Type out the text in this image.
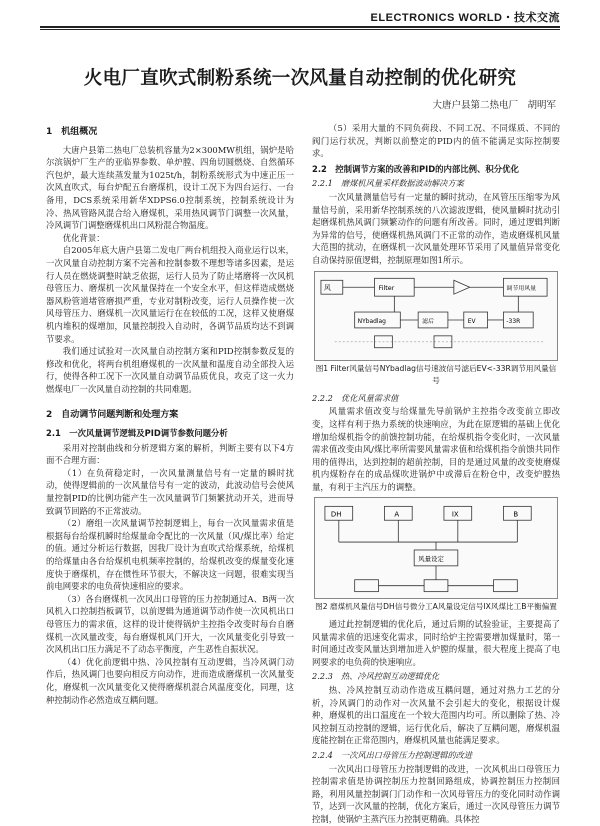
ELECTRONICS WORLD・技术交流
火电厂直吹式制粉系统一次风量自动控制的优化研究
大唐户县第二热电厂　胡明军
1　机组概况

大唐户县第二热电厂总装机容量为2×300MW机组，锅炉是哈尔滨锅炉厂生产的亚临界参数、单炉膛、四角切圆燃烧、自然循环汽包炉，最大连续蒸发量为1025t/h，制粉系统形式为中速正压一次风直吹式，每台炉配五台磨煤机，设计工况下为四台运行、一台备用，DCS系统采用新华XDPS6.0控制系统，控制系统设计为冷、热风管路风混合给入磨煤机，采用热风调节门调整一次风量，冷风调节门调整磨煤机出口风粉混合物温度。

优化背景：

自2005年底大唐户县第二发电厂两台机组投入商业运行以来，一次风量自动控制方案不完善和控制参数不理想等诸多因素，是运行人员在燃烧调整时缺乏依据，运行人员为了防止堵磨将一次风机母管压力、磨煤机一次风量保持在一个安全水平，但这样造成燃烧器风粉管道堵管磨损严重，专业对制粉改变，运行人员操作使一次风母管压力、磨煤机一次风量运行在在较低的工况，这样又使磨煤机内堆积的煤增加，风量控制投入自动时，各调节品质均达不到调节要求。

我们通过试验对一次风量自动控制方案和PID控制参数反复的修改和优化，将两台机组磨煤机的一次风量和温度自动全部投入运行，使得各种工况下一次风量自动调节品质优良，攻克了这一火力燃煤电厂一次风量自动控制的共同难题。

2　自动调节问题判断和处理方案
2.1　一次风量调节逻辑及PID调节参数问题分析

采用对控制曲线和分析逻辑方案的解析，判断主要有以下4方面不合理方面：

（1）在负荷稳定时，一次风量测量信号有一定量的瞬时扰动，使得逻辑前的一次风量信号有一定的波动，此波动信号会使风量控制PID的比例功能产生一次风量调节门频繁扰动开关，进而导致调节回路的不正常波动。

（2）磨组一次风量调节控制逻辑上，每台一次风量需求值是根据每台给煤机瞬时给煤量命令配比的一次风量（风/煤比率）给定的值。通过分析运行数据，因我厂设计为直吹式给煤系统，给煤机的给煤量由各台给煤机电机频率控制的，给煤机改变的煤量变化速度快于磨煤机，存在惯性环节很大，不解决这一问题，很难实现当前电网要求的电负荷快速相应的要求。

（3）各台磨煤机一次风出口母管的压力控制通过A、B两一次风机入口控制挡板调节，以前逻辑为通道调节动作使一次风机出口母管压力的需求值，这样的设计使得锅炉主控指令改变时每台自磨煤机一次风量改变，每台磨煤机风门开大，一次风量变化引导致一次风机出口压力满足不了动态平衡度，产生恶性自振状况。

（4）优化前逻辑中热、冷风控制有互动逻辑，当冷风调门动作后，热风调门也要向相反方向动作，进而造成磨煤机一次风量变化，磨煤机一次风量变化又使得磨煤机混合风温度变化，同理，这种控制动作必然造成互耦问题。

（5）采用大量的不同负荷段、不同工况、不同煤质、不同的阀门运行状况，判断以前整定的PID内的值不能满足实际控制要求。

2.2　控制调节方案的改善和PID的内部比例、积分优化
2.2.1　磨煤机风量采样数据波动解决方案

一次风量测量信号有一定量的瞬时扰动，在风管压压缩零为风量信号前，采用新华控制系统的八次滤波逻辑，使风量瞬时扰动引起磨煤机热风调门频繁动作的问题有所改善。同时，通过逻辑判断为异常的信号，使磨煤机热风调门不正常的动作，造成磨煤机风量大范围的扰动，在磨煤机一次风量处理环节采用了风量值异常变化自动保持原值逻辑，控制原理如图1所示。

风	Filter	调节用风量
NYbadlag	滤后	EV	-33R
图1 Filter风量信号NYbadlag信号速波信号滤后EV<-33R调节用风量信号
2.2.2　优化风量需求值

风量需求值改变与给煤量先导前锅炉主控指令改变前立即改变，这样有利于热力系统的快速响应，为此在原逻辑的基础上优化增加给煤机指令的前馈控制功能，在给煤机指令变化时，一次风量需求值改变由风/煤比率所需要风量需求值和给煤机指令前馈共同作用的值得出，达到控制的超前控制，目的是通过风量的改变使磨煤机内煤粉存在的成品煤吹进锅炉中或滞后在粉仓中，改变炉膛热量，有利于主汽压力的调整。

DH	A	IX	B
风量设定
图2 磨煤机风量信号DH信号微分工A风量设定信号IX风煤比工B平衡偏置

通过此控制逻辑的优化后，通过后期的试验验证，主要提高了风量需求值的迅速变化需求，同时给炉主控需要增加煤量时，第一时间通过改变风量达到增加进入炉膛的煤量，很大程度上提高了电网要求的电负荷的快速响应。

2.2.3　热、冷风控制互动逻辑优化

热、冷风控制互动动作造成互耦问题，通过对热力工艺的分析，冷风调门的动作对一次风量不会引起大的变化，根据设计煤种，磨煤机的出口温度在一个较大范围内均可。所以删除了热、冷风控制互动控制的逻辑，运行优化后，解决了互耦问题，磨煤机温度能控制在正常范围内，磨煤机风量也能满足要求。

2.2.4　一次风出口母管压力控制逻辑的改进

一次风出口母管压力控制逻辑的改进，一次风机出口母管压力控制需求值是协调控制压力控制回路组成，协调控制压力控制回路，利用风量控制调门门动作和一次风母管压力的变化同时动作调节，达到一次风量的控制，优化方案后，通过一次风母管压力调节控制，使锅炉主蒸汽压力控制更精确。具体控
